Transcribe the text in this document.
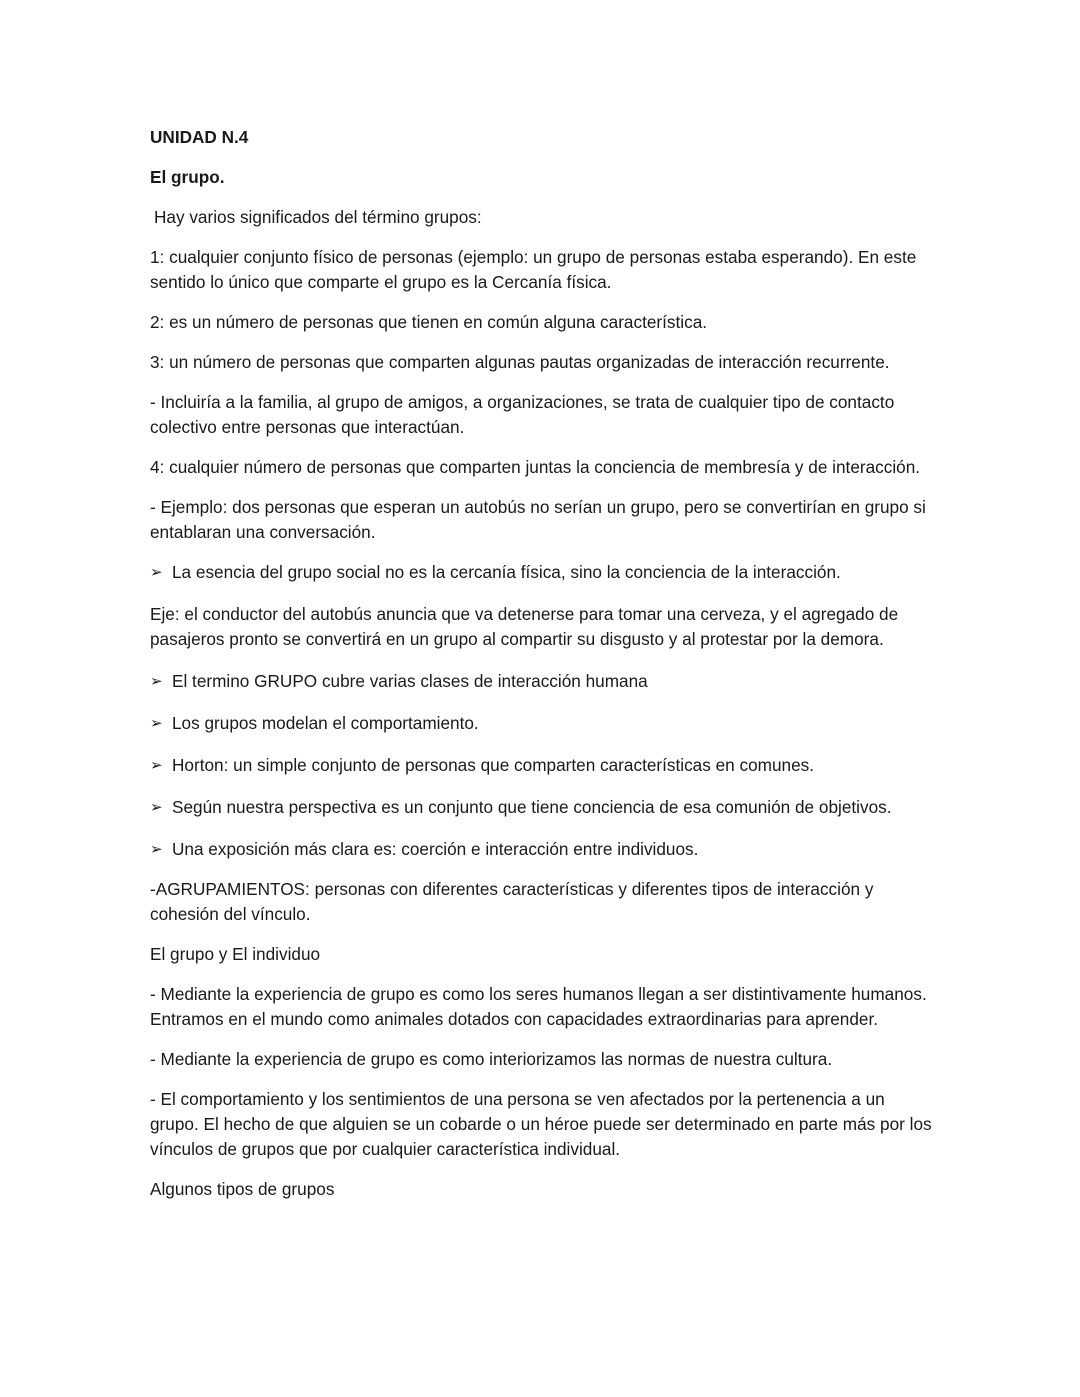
UNIDAD N.4

El grupo.

Hay varios significados del término grupos:

1: cualquier conjunto físico de personas (ejemplo: un grupo de personas estaba esperando). En este sentido lo único que comparte el grupo es la Cercanía física.

2: es un número de personas que tienen en común alguna característica.

3: un número de personas que comparten algunas pautas organizadas de interacción recurrente.

- Incluiría a la familia, al grupo de amigos, a organizaciones, se trata de cualquier tipo de contacto colectivo entre personas que interactúan.

4: cualquier número de personas que comparten juntas la conciencia de membresía y de interacción.

- Ejemplo: dos personas que esperan un autobús no serían un grupo, pero se convertirían en grupo si entablaran una conversación.

➢ La esencia del grupo social no es la cercanía física, sino la conciencia de la interacción.

Eje: el conductor del autobús anuncia que va detenerse para tomar una cerveza, y el agregado de pasajeros pronto se convertirá en un grupo al compartir su disgusto y al protestar por la demora.

➢ El termino GRUPO cubre varias clases de interacción humana
➢ Los grupos modelan el comportamiento.
➢ Horton: un simple conjunto de personas que comparten características en comunes.
➢ Según nuestra perspectiva es un conjunto que tiene conciencia de esa comunión de objetivos.
➢ Una exposición más clara es: coerción e interacción entre individuos.

-AGRUPAMIENTOS: personas con diferentes características y diferentes tipos de interacción y cohesión del vínculo.

El grupo y El individuo

- Mediante la experiencia de grupo es como los seres humanos llegan a ser distintivamente humanos. Entramos en el mundo como animales dotados con capacidades extraordinarias para aprender.

- Mediante la experiencia de grupo es como interiorizamos las normas de nuestra cultura.

- El comportamiento y los sentimientos de una persona se ven afectados por la pertenencia a un grupo. El hecho de que alguien se un cobarde o un héroe puede ser determinado en parte más por los vínculos de grupos que por cualquier característica individual.

Algunos tipos de grupos
